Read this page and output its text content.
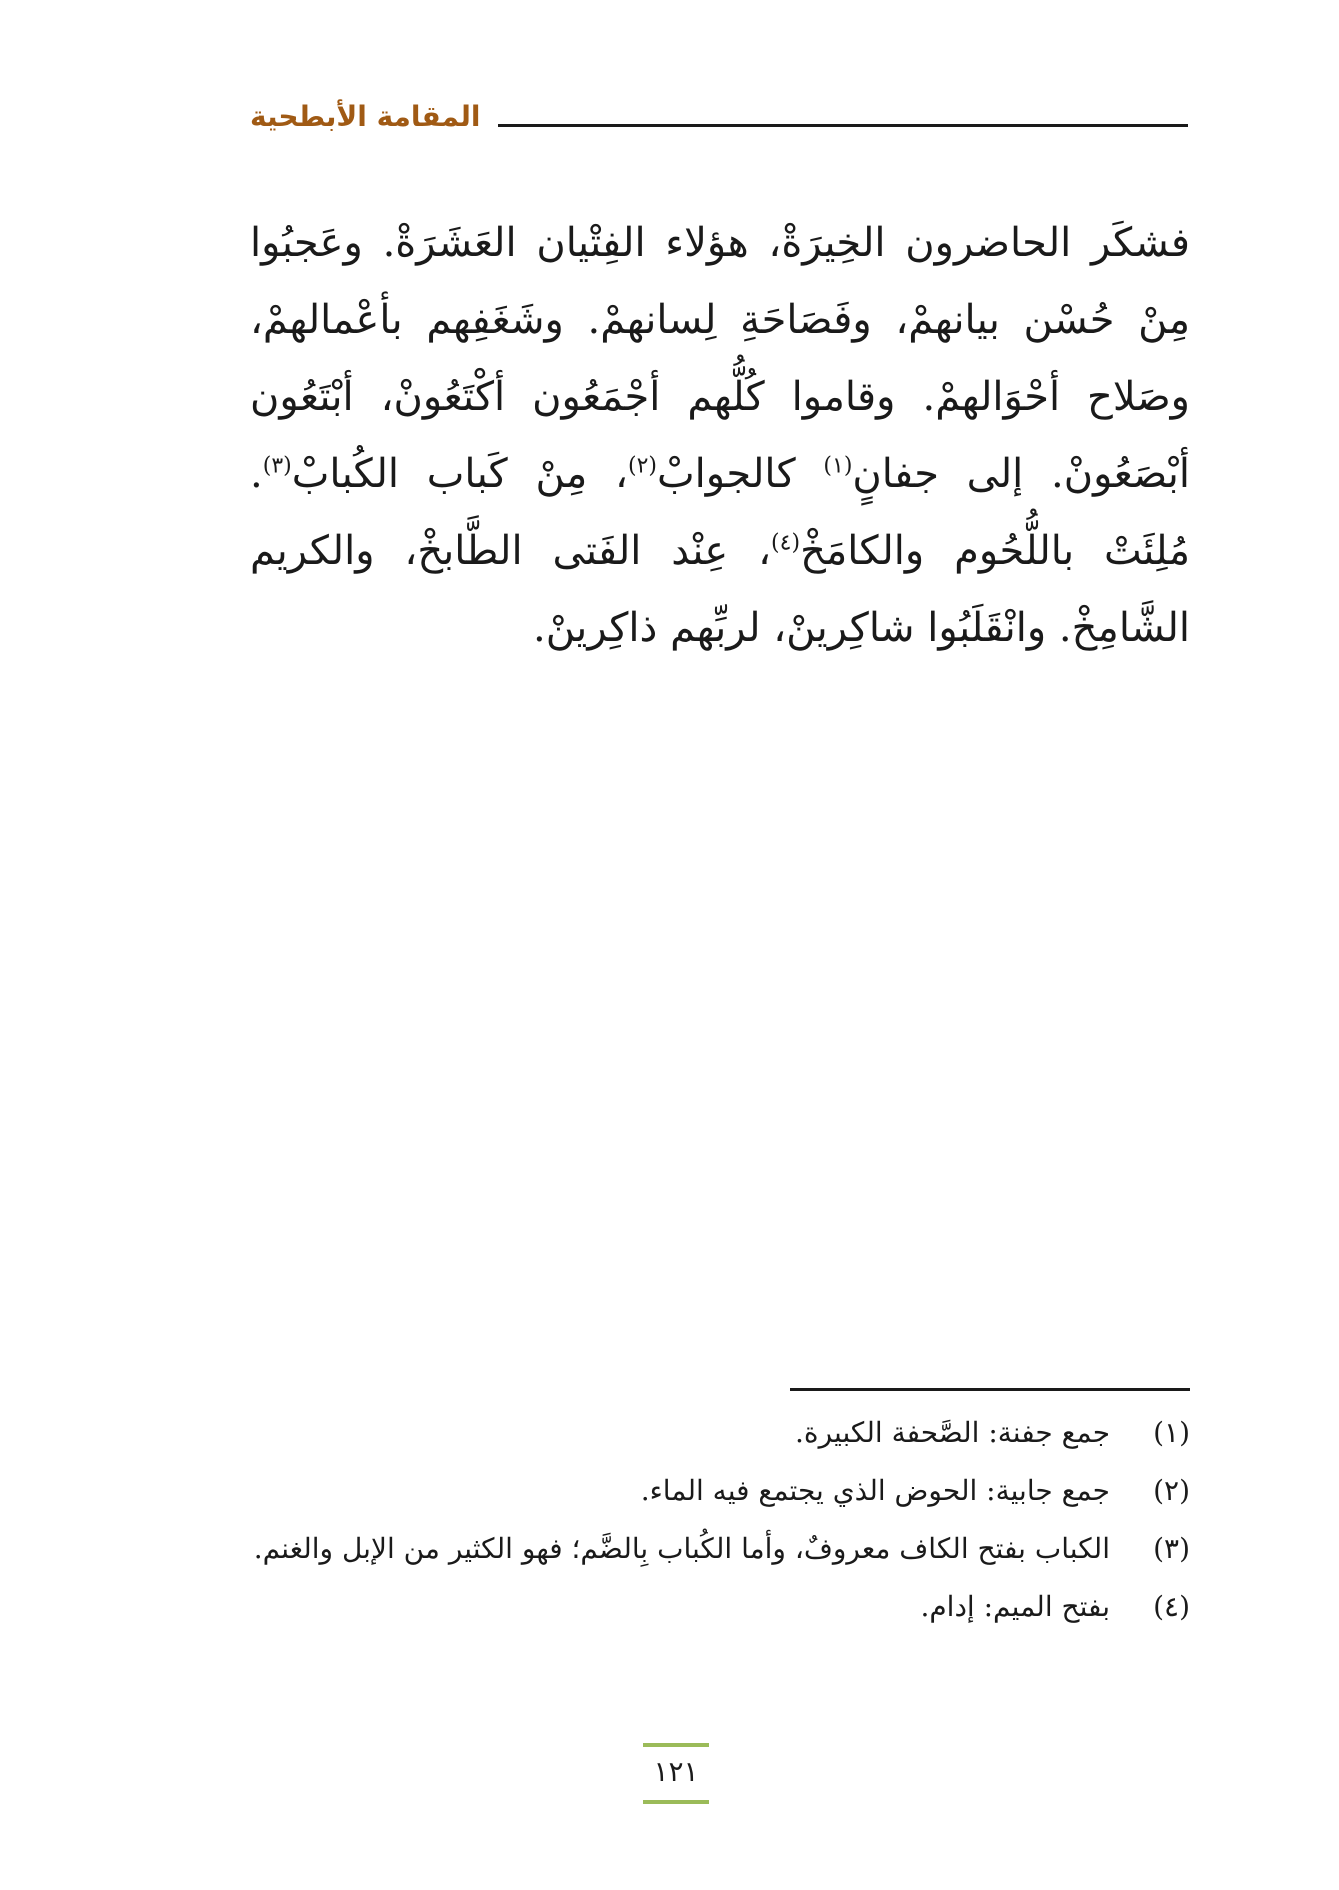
المقامة الأبطحية
فشكَر الحاضرون الخِيرَةْ، هؤلاء الفِتْيان العَشَرَةْ. وعَجبُوا مِنْ حُسْن بيانهمْ، وفَصَاحَةِ لِسانهمْ. وشَغَفِهم بأعْمالهمْ، وصَلاح أحْوَالهمْ. وقاموا كُلُّهم أجْمَعُون أكْتَعُونْ، أبْتَعُون أبْصَعُونْ. إلى جفانٍ$^{(١)}$ كالجوابْ$^{(٢)}$، مِنْ كَباب الكُبابْ$^{(٣)}$. مُلِئَتْ باللُّحُوم والكامَخْ$^{(٤)}$، عِنْد الفَتى الطَّابخْ، والكريم الشَّامِخْ. وانْقَلَبُوا شاكِرينْ، لربِّهم ذاكِرينْ.
(١)
جمع جفنة: الصَّحفة الكبيرة.
(٢)
جمع جابية: الحوض الذي يجتمع فيه الماء.
(٣)
الكباب بفتح الكاف معروفٌ، وأما الكُباب بِالضَّم؛ فهو الكثير من الإبل والغنم.
(٤)
بفتح الميم: إدام.
١٢١
